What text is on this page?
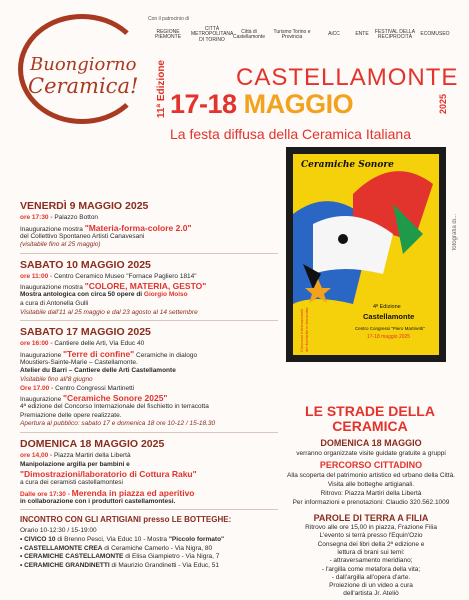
Buongiorno
Ceramica! 11ª Edizione
Con il patrocinio di
REGIONE PIEMONTE
CITTÀ METROPOLITANA DI TORINO
Città di Castellamonte
Turismo Torino e Provincia	AiCC	ENTE	FESTIVAL DELLA RECIPROCITÀ	ECOMUSEO
CASTELLAMONTE
17-18 MAGGIO	2025
La festa diffusa della Ceramica Italiana
Ceramiche Sonore
Concorso Internazionale del fischietto in terracotta
4ª Edizione
Castellamonte
Centro Congressi "Piero Martinetti"
17-18 maggio 2025
fotografia di...
VENERDÌ 9 MAGGIO 2025
ore 17:30 - Palazzo Botton
Inaugurazione mostra "Materia-forma-colore 2.0"
del Collettivo Spontaneo Artisti Canavesani
(visitabile fino al 25 maggio)
SABATO 10 MAGGIO 2025
ore 11:00 - Centro Ceramico Museo "Fornace Pagliero 1814"
Inaugurazione mostra "COLORE, MATERIA, GESTO"
Mostra antologica con circa 50 opere di Giorgio Moiso
a cura di Antonella Gulli
Visitabile dall'11 al 25 maggio e dal 23 agosto al 14 settembre
SABATO 17 MAGGIO 2025
ore 16:00 - Cantiere delle Arti, Via Educ 40
Inaugurazione "Terre di confine" Ceramiche in dialogo
Moustiers-Sainte-Marie – Castellamonte.
Atelier du Barri – Cantiere delle Arti Castellamonte
Visitabile fino all'8 giugno
Ore 17.00 - Centro Congressi Martinetti
Inaugurazione "Ceramiche Sonore 2025"
4ª edizione del Concorso Internazionale del fischietto in terracotta
Premiazione delle opere realizzate.
Apertura al pubblico: sabato 17 e domenica 18 ore 10-12 / 15-18.30
DOMENICA 18 MAGGIO 2025
ore 14,00 - Piazza Martiri della Libertà
Manipolazione argilla per bambini e
"Dimostrazioni/laboratorio di Cottura Raku"
a cura dei ceramisti castellamontesi
Dalle ore 17:30 - Merenda in piazza ed aperitivo
in collaborazione con i produttori castellamontesi.
INCONTRO CON GLI ARTIGIANI presso LE BOTTEGHE:
Orario 10-12:30 / 15-19:00
• CIVICO 10 di Brenno Pesci, Via Educ 10 - Mostra "Piccolo formato"
• CASTELLAMONTE CREA di Ceramiche Camerlo - Via Nigra, 80
• CERAMICHE CASTELLAMONTE di Elisa Giampietro - Via Nigra, 7
• CERAMICHE GRANDINETTI di Maurizio Grandinetti - Via Educ, 51
LE STRADE DELLA
CERAMICA
DOMENICA 18 MAGGIO
verranno organizzate visite guidate gratuite a gruppi
PERCORSO CITTADINO
Alla scoperta del patrimonio artistico ed urbano della Città.
Visita alle botteghe artigianali.
Ritrovo: Piazza Martiri della Libertà
Per informazioni e prenotazioni: Claudio 320.562.1009
PAROLE DI TERRA A FILIA
Ritrovo alle ore 15,00 in piazza, Frazione Filia
L'evento si terrà presso l'Equin'Ozio
Consegna dei libri della 2ª edizione e
lettura di brani sui temi:
- attraversamento meridiano;
- l'argilla come metafora della vita;
- dall'argilla all'opera d'arte.
Proiezione di un video a cura
dell'artista Jr. Ateliò
